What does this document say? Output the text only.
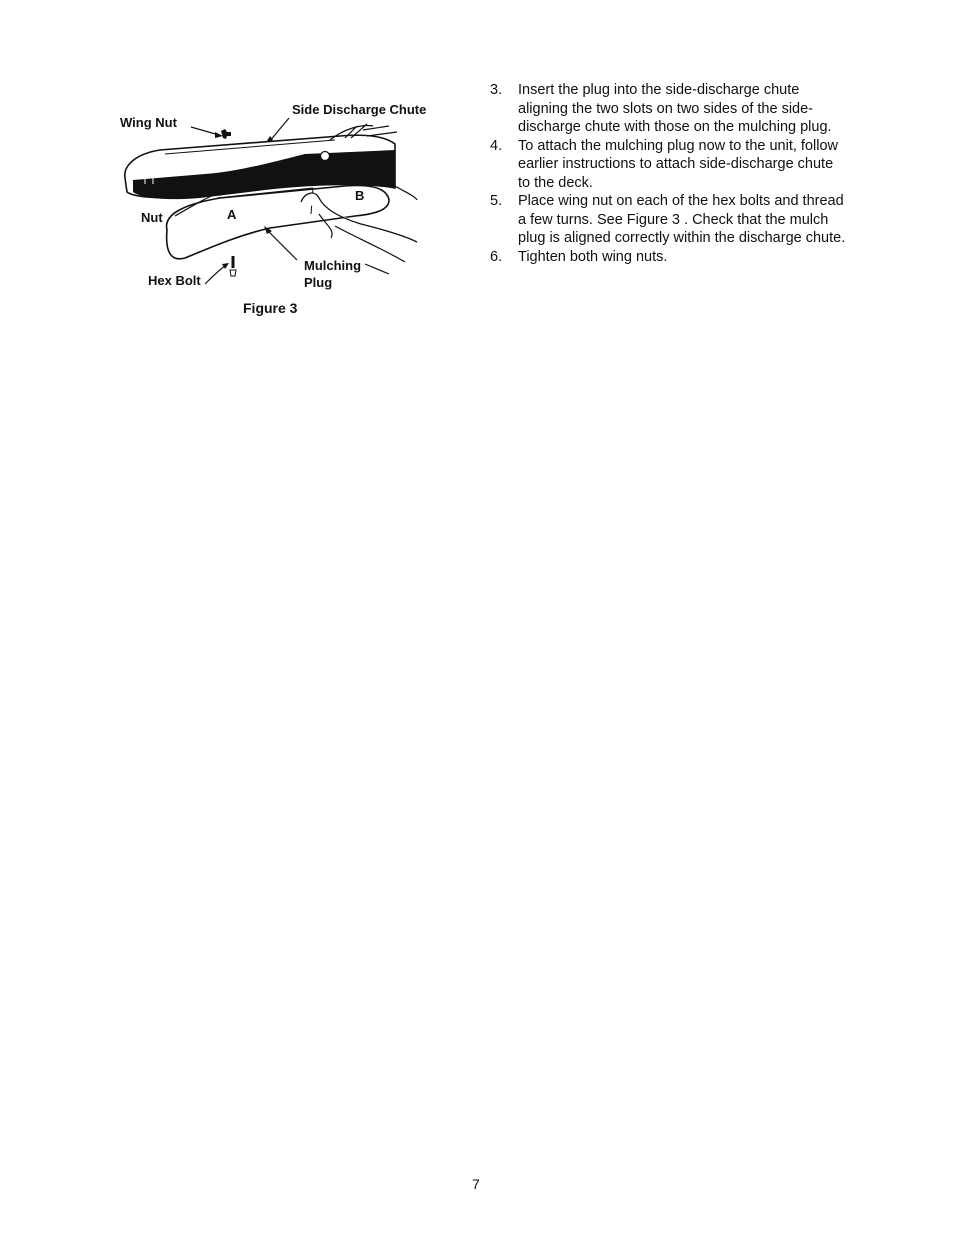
Wing Nut
Side Discharge Chute
Nut	A
B
Hex Bolt
Mulching
Plug
Figure 3
3.	Insert the plug into the side-discharge chute
aligning the two slots on two sides of the side-
discharge chute with those on the mulching plug.
4.	To attach the mulching plug now to the unit, follow
earlier instructions to attach side-discharge chute
to the deck.
5.	Place wing nut on each of the hex bolts and thread
a few turns. See Figure 3 . Check that the mulch
plug is aligned correctly within the discharge chute.
6.	Tighten both wing nuts.
7
